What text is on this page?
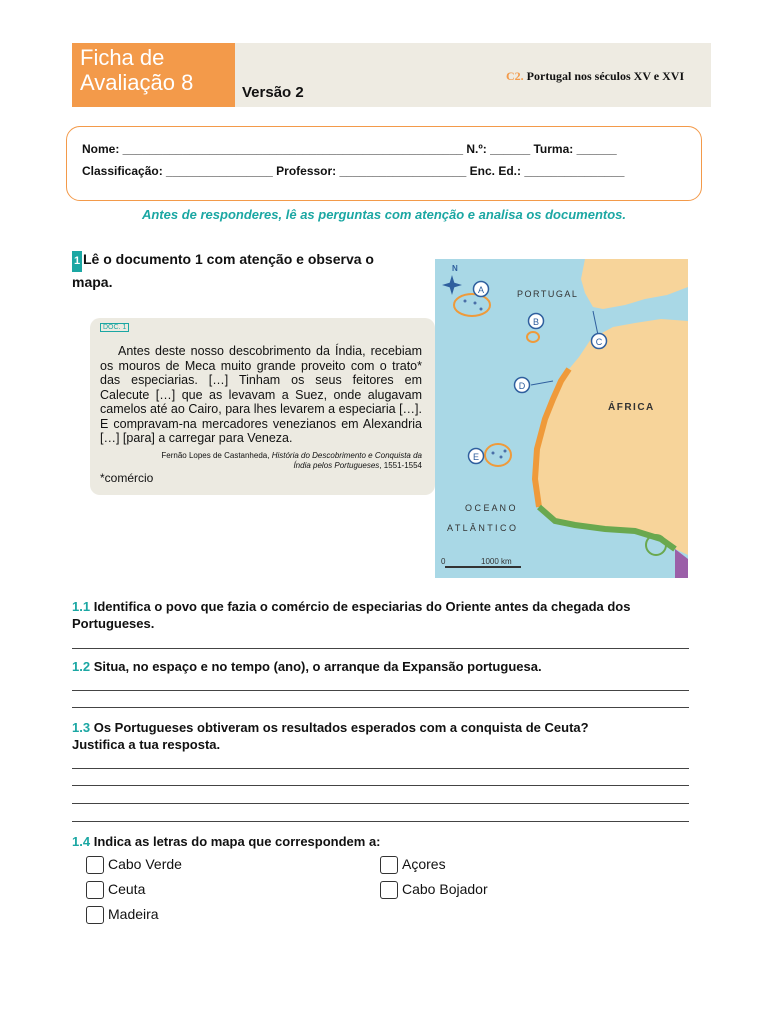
Ficha de
Avaliação 8	Versão 2
C2. Portugal nos séculos XV e XVI
Nome: ___________________________________________________ N.º: ______ Turma: ______
Classificação: ________________ Professor: ___________________ Enc. Ed.: _______________
Antes de responderes, lê as perguntas com atenção e analisa os documentos.
1 Lê o documento 1 com atenção e observa o mapa.
DOC. 1
Antes deste nosso descobrimento da Índia, recebiam os mouros de Meca muito grande proveito com o trato* das especiarias. […] Tinham os seus feitores em Calecute […] que as levavam a Suez, onde alugavam camelos até ao Cairo, para lhes levarem a especiaria […]. E compravam-na mercadores venezianos em Alexandria […] [para] a carregar para Veneza.
Fernão Lopes de Castanheda, História do Descobrimento e Conquista da Índia pelos Portugueses, 1551-1554
*comércio
N
A
B
C
D
E
PORTUGAL
ÁFRICA
O C E A N O
A T L Â N T I C O
0	1000 km
1.1 Identifica o povo que fazia o comércio de especiarias do Oriente antes da chegada dos
Portugueses.
1.2 Situa, no espaço e no tempo (ano), o arranque da Expansão portuguesa.
1.3 Os Portugueses obtiveram os resultados esperados com a conquista de Ceuta?
Justifica a tua resposta.
1.4 Indica as letras do mapa que correspondem a:
Cabo Verde	Açores
Ceuta	Cabo Bojador
Madeira
